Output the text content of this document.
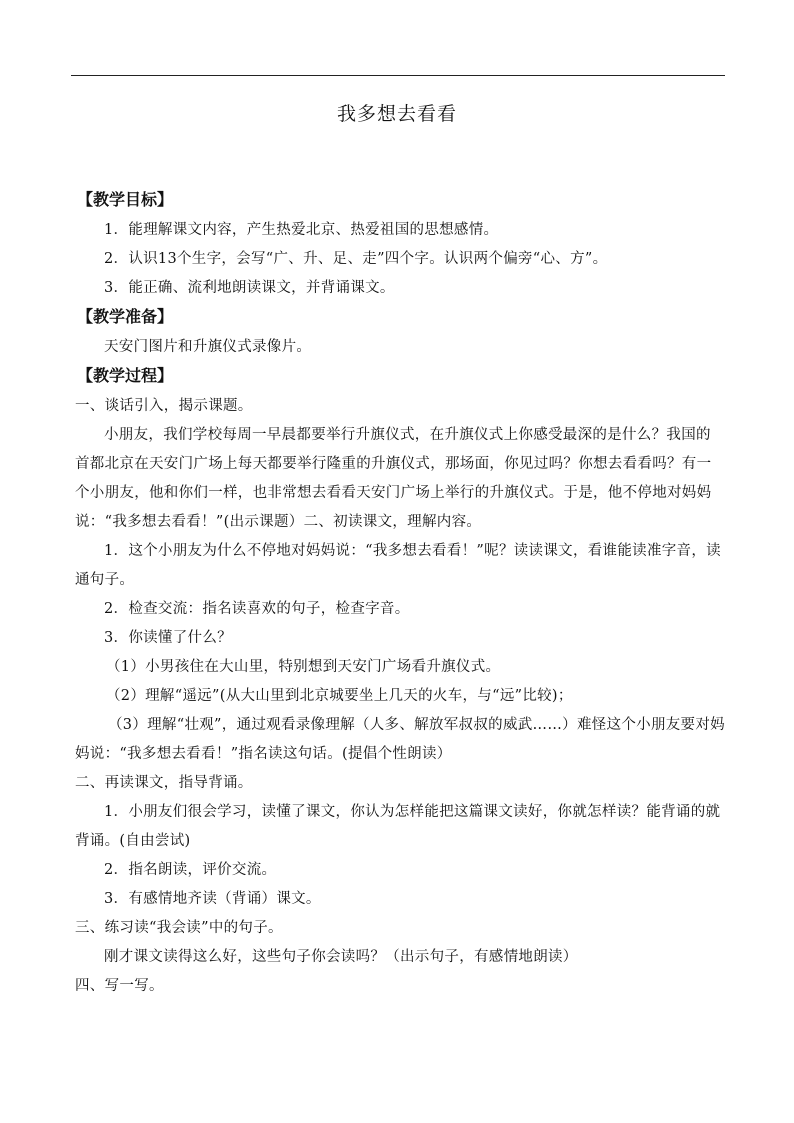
我多想去看看
【教学目标】

1．能理解课文内容，产生热爱北京、热爱祖国的思想感情。

2．认识13个生字，会写“广、升、足、走”四个字。认识两个偏旁“心、方”。

3．能正确、流利地朗读课文，并背诵课文。

【教学准备】

天安门图片和升旗仪式录像片。

【教学过程】

一、谈话引入，揭示课题。

小朋友，我们学校每周一早晨都要举行升旗仪式，在升旗仪式上你感受最深的是什么？我国的首都北京在天安门广场上每天都要举行隆重的升旗仪式，那场面，你见过吗？你想去看看吗？有一个小朋友，他和你们一样，也非常想去看看天安门广场上举行的升旗仪式。于是，他不停地对妈妈说：“我多想去看看！”(出示课题）二、初读课文，理解内容。

1．这个小朋友为什么不停地对妈妈说：“我多想去看看！”呢？读读课文，看谁能读准字音，读通句子。

2．检查交流：指名读喜欢的句子，检查字音。

3．你读懂了什么？

（1）小男孩住在大山里，特别想到天安门广场看升旗仪式。

（2）理解“遥远”(从大山里到北京城要坐上几天的火车，与“远”比较)；

（3）理解“壮观”，通过观看录像理解（人多、解放军叔叔的威武……）难怪这个小朋友要对妈妈说：“我多想去看看！”指名读这句话。(提倡个性朗读）

二、再读课文，指导背诵。

1．小朋友们很会学习，读懂了课文，你认为怎样能把这篇课文读好，你就怎样读？能背诵的就背诵。(自由尝试)

2．指名朗读，评价交流。

3．有感情地齐读（背诵）课文。

三、练习读“我会读”中的句子。

刚才课文读得这么好，这些句子你会读吗？（出示句子，有感情地朗读）

四、写一写。
